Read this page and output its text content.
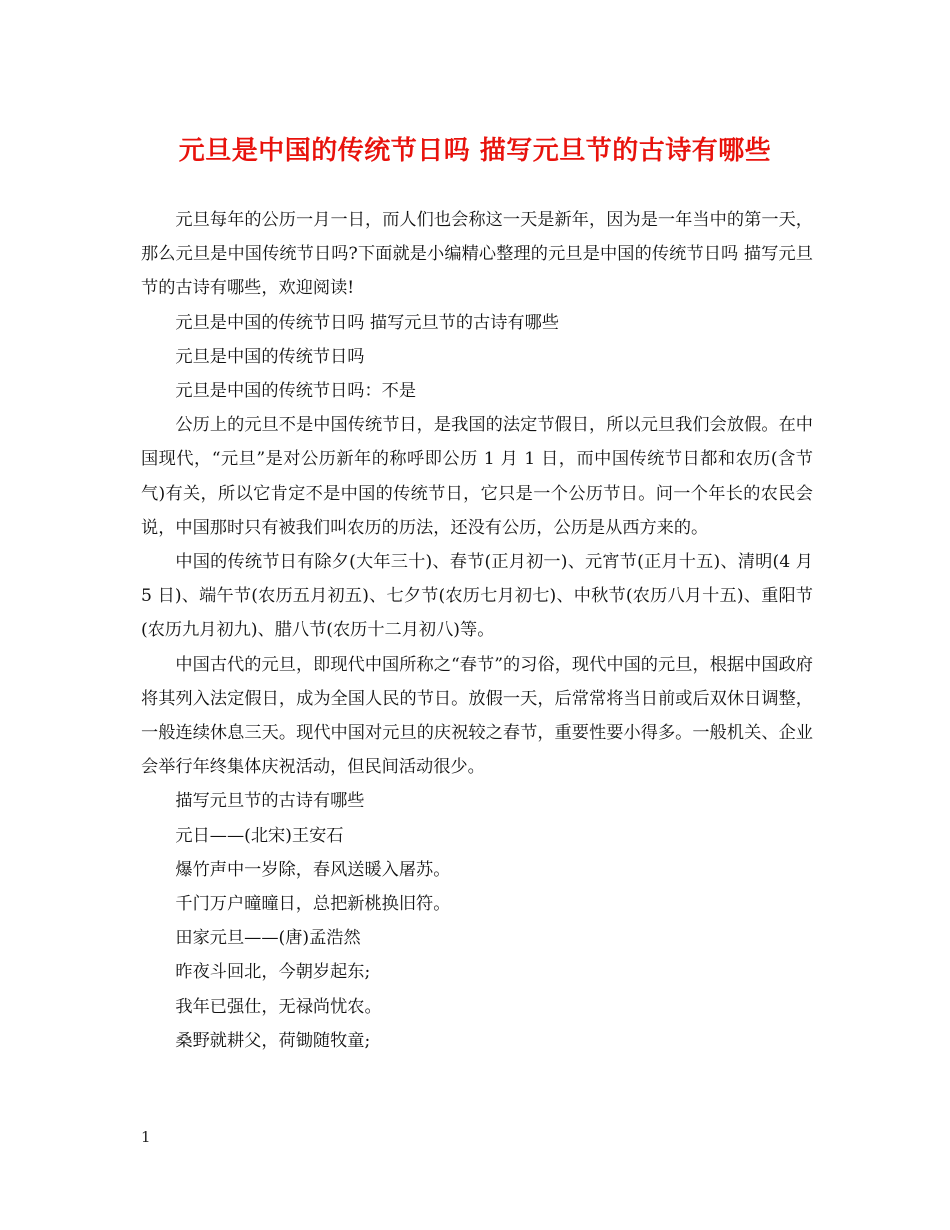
元旦是中国的传统节日吗 描写元旦节的古诗有哪些

元旦每年的公历一月一日，而人们也会称这一天是新年，因为是一年当中的第一天，那么元旦是中国传统节日吗?下面就是小编精心整理的元旦是中国的传统节日吗 描写元旦节的古诗有哪些，欢迎阅读!

元旦是中国的传统节日吗 描写元旦节的古诗有哪些

元旦是中国的传统节日吗

元旦是中国的传统节日吗：不是

公历上的元旦不是中国传统节日，是我国的法定节假日，所以元旦我们会放假。在中国现代，“元旦”是对公历新年的称呼即公历 1 月 1 日，而中国传统节日都和农历(含节气)有关，所以它肯定不是中国的传统节日，它只是一个公历节日。问一个年长的农民会说，中国那时只有被我们叫农历的历法，还没有公历，公历是从西方来的。

中国的传统节日有除夕(大年三十)、春节(正月初一)、元宵节(正月十五)、清明(4 月 5 日)、端午节(农历五月初五)、七夕节(农历七月初七)、中秋节(农历八月十五)、重阳节(农历九月初九)、腊八节(农历十二月初八)等。

中国古代的元旦，即现代中国所称之“春节”的习俗，现代中国的元旦，根据中国政府将其列入法定假日，成为全国人民的节日。放假一天，后常常将当日前或后双休日调整，一般连续休息三天。现代中国对元旦的庆祝较之春节，重要性要小得多。一般机关、企业会举行年终集体庆祝活动，但民间活动很少。

描写元旦节的古诗有哪些

元日——(北宋)王安石

爆竹声中一岁除，春风送暖入屠苏。

千门万户曈曈日，总把新桃换旧符。

田家元旦——(唐)孟浩然

昨夜斗回北，今朝岁起东;

我年已强仕，无禄尚忧农。

桑野就耕父，荷锄随牧童;

1
